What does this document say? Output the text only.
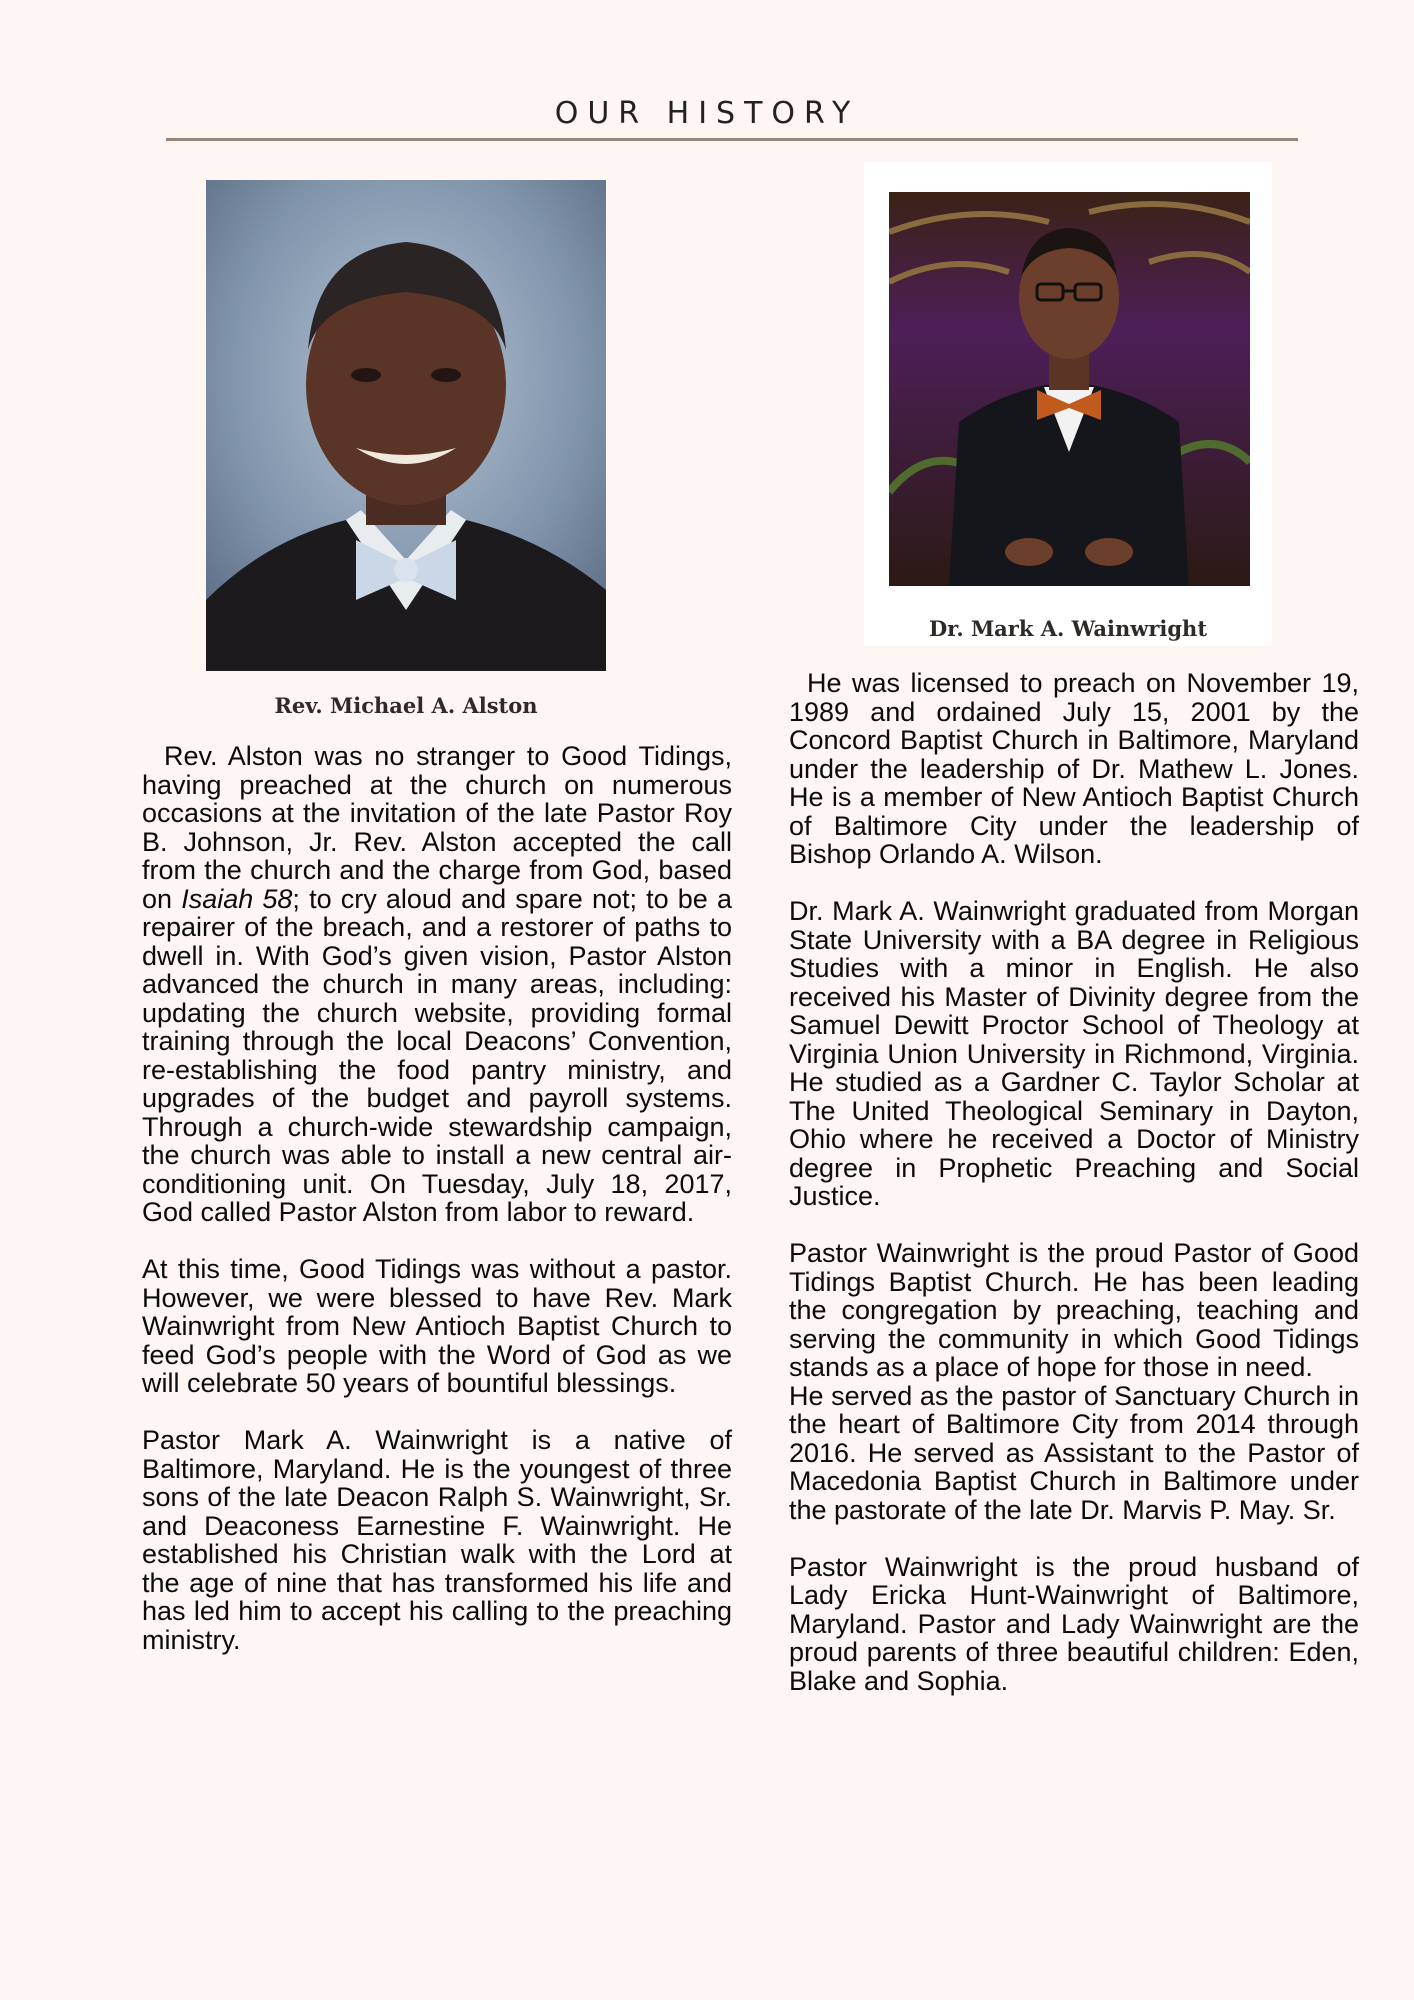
OUR HISTORY
Rev. Michael A. Alston
Dr. Mark A. Wainwright

Rev. Alston was no stranger to Good Tidings, having preached at the church on numerous occasions at the invitation of the late Pastor Roy B. Johnson, Jr. Rev. Alston accepted the call from the church and the charge from God, based on Isaiah 58; to cry aloud and spare not; to be a repairer of the breach, and a restorer of paths to dwell in. With God’s given vision, Pastor Alston advanced the church in many areas, including: updating the church website, providing formal training through the local Deacons’ Convention, re-establishing the food pantry ministry, and upgrades of the budget and payroll systems. Through a church-wide stewardship campaign, the church was able to install a new central air-conditioning unit. On Tuesday, July 18, 2017, God called Pastor Alston from labor to reward.

At this time, Good Tidings was without a pastor. However, we were blessed to have Rev. Mark Wainwright from New Antioch Baptist Church to feed God’s people with the Word of God as we will celebrate 50 years of bountiful blessings.

Pastor Mark A. Wainwright is a native of Baltimore, Maryland. He is the youngest of three sons of the late Deacon Ralph S. Wainwright, Sr. and Deaconess Earnestine F. Wainwright. He established his Christian walk with the Lord at the age of nine that has transformed his life and has led him to accept his calling to the preaching ministry.

He was licensed to preach on November 19, 1989 and ordained July 15, 2001 by the Concord Baptist Church in Baltimore, Maryland under the leadership of Dr. Mathew L. Jones. He is a member of New Antioch Baptist Church of Baltimore City under the leadership of Bishop Orlando A. Wilson.

Dr. Mark A. Wainwright graduated from Morgan State University with a BA degree in Religious Studies with a minor in English. He also received his Master of Divinity degree from the Samuel Dewitt Proctor School of Theology at Virginia Union University in Richmond, Virginia. He studied as a Gardner C. Taylor Scholar at The United Theological Seminary in Dayton, Ohio where he received a Doctor of Ministry degree in Prophetic Preaching and Social Justice.

Pastor Wainwright is the proud Pastor of Good Tidings Baptist Church. He has been leading the congregation by preaching, teaching and serving the community in which Good Tidings stands as a place of hope for those in need.

He served as the pastor of Sanctuary Church in the heart of Baltimore City from 2014 through 2016. He served as Assistant to the Pastor of Macedonia Baptist Church in Baltimore under the pastorate of the late Dr. Marvis P. May. Sr.

Pastor Wainwright is the proud husband of Lady Ericka Hunt-Wainwright of Baltimore, Maryland. Pastor and Lady Wainwright are the proud parents of three beautiful children: Eden, Blake and Sophia.
